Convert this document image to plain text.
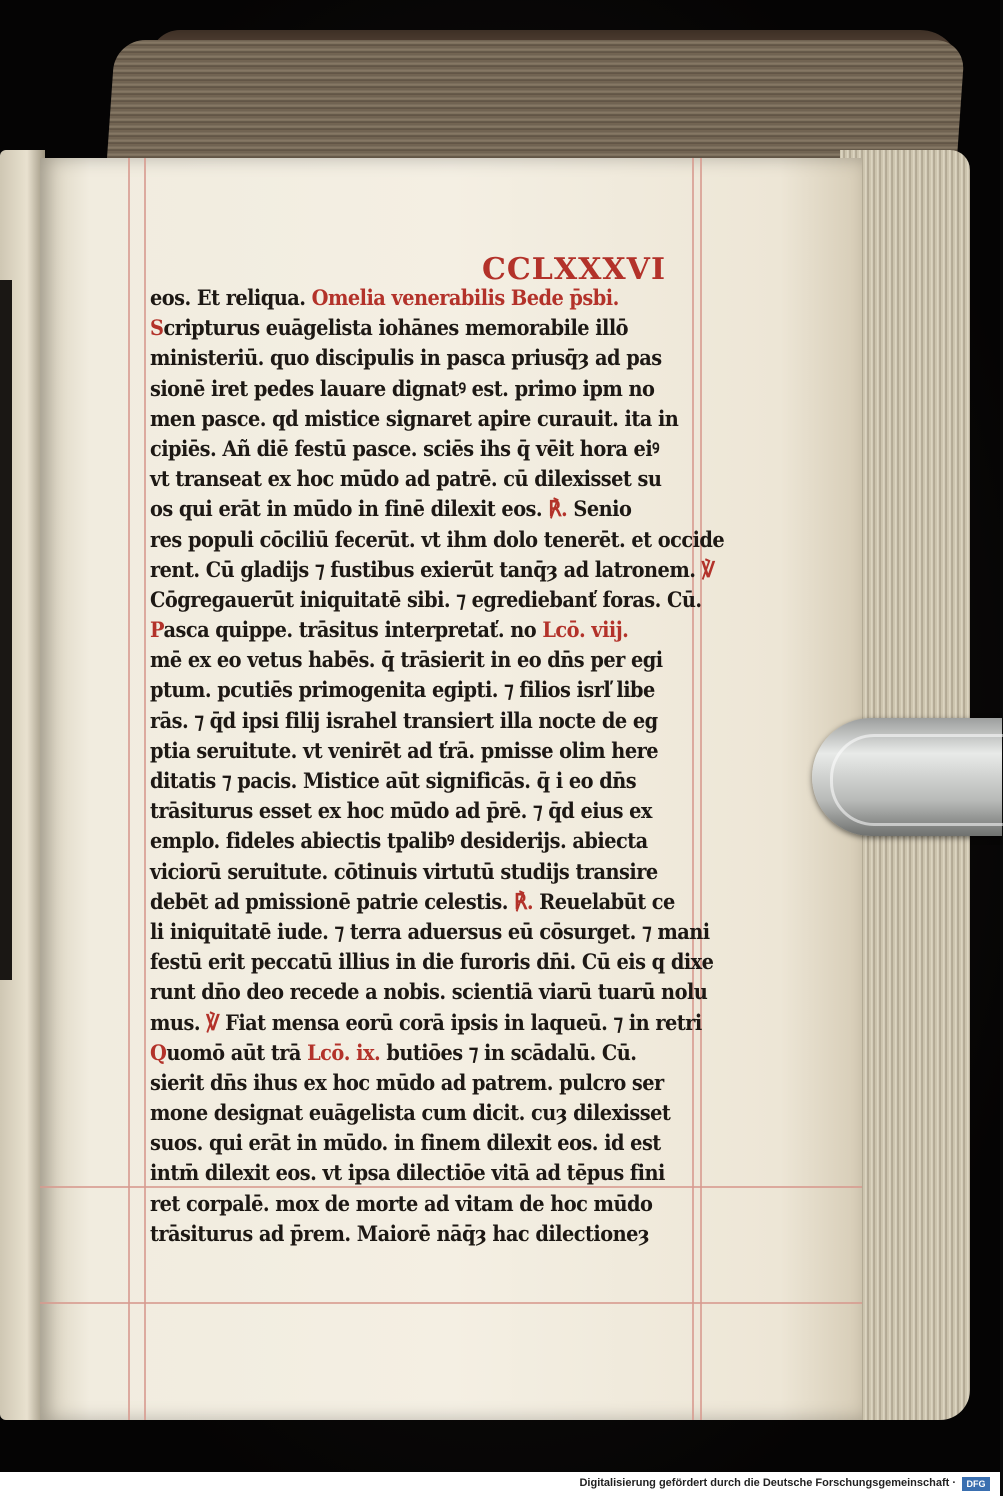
CCLXXXVI
eos. Et reliqua. Omelia venerabilis Bede p̄sbi.
Scripturus euāgelista iohānes memorabile illō
ministeriū. quo discipulis in pasca priusq̄ȝ ad pas
sionē iret pedes lauare dignatꝰ est. primo ipm no
men pasce. qd mistice signaret apire curauit. ita in
cipiēs. Añ diē festū pasce. sciēs ihs q̄ vēit hora eiꝰ
vt transeat ex hoc mūdo ad patrē. cū dilexisset su
os qui erāt in mūdo in finē dilexit eos. ℟. Senio
res populi cōciliū fecerūt. vt ihm dolo tenerēt. et occide
rent. Cū gladijs ⁊ fustibus exierūt tanq̄ȝ ad latronem. ℣
Cōgregauerūt iniquitatē sibi. ⁊ egrediebanť foras. Cū.
Pasca quippe. trāsitus interpretať. no Lcō. viij.
mē ex eo vetus habēs. q̄ trāsierit in eo dn̄s per egi
ptum. pcutiēs primogenita egipti. ⁊ filios isrľ libe
rās. ⁊ q̄d ipsi filij israhel transiert illa nocte de eg
ptia seruitute. vt venirēt ad ťrā. pmisse olim here
ditatis ⁊ pacis. Mistice aūt significās. q̄ i eo dn̄s
trāsiturus esset ex hoc mūdo ad p̄rē. ⁊ q̄d eius ex
emplo. fideles abiectis tpalibꝰ desiderijs. abiecta
viciorū seruitute. cōtinuis virtutū studijs transire
debēt ad pmissionē patrie celestis. ℟. Reuelabūt ce
li iniquitatē iude. ⁊ terra aduersus eū cōsurget. ⁊ mani
festū erit peccatū illius in die furoris dn̄i. Cū eis q dixe
runt dn̄o deo recede a nobis. scientiā viarū tuarū nolu
mus. ℣ Fiat mensa eorū corā ipsis in laqueū. ⁊ in retri
Quomō aūt trā Lcō. ix. butiōes ⁊ in scādalū. Cū.
sierit dn̄s ihus ex hoc mūdo ad patrem. pulcro ser
mone designat euāgelista cum dicit. cuȝ dilexisset
suos. qui erāt in mūdo. in finem dilexit eos. id est
intm̄ dilexit eos. vt ipsa dilectiōe vitā ad tēpus fini
ret corpalē. mox de morte ad vitam de hoc mūdo
trāsiturus ad p̄rem. Maiorē nāq̄ȝ hac dilectioneȝ
Digitalisierung gefördert durch die Deutsche Forschungsgemeinschaft ·	DFG
